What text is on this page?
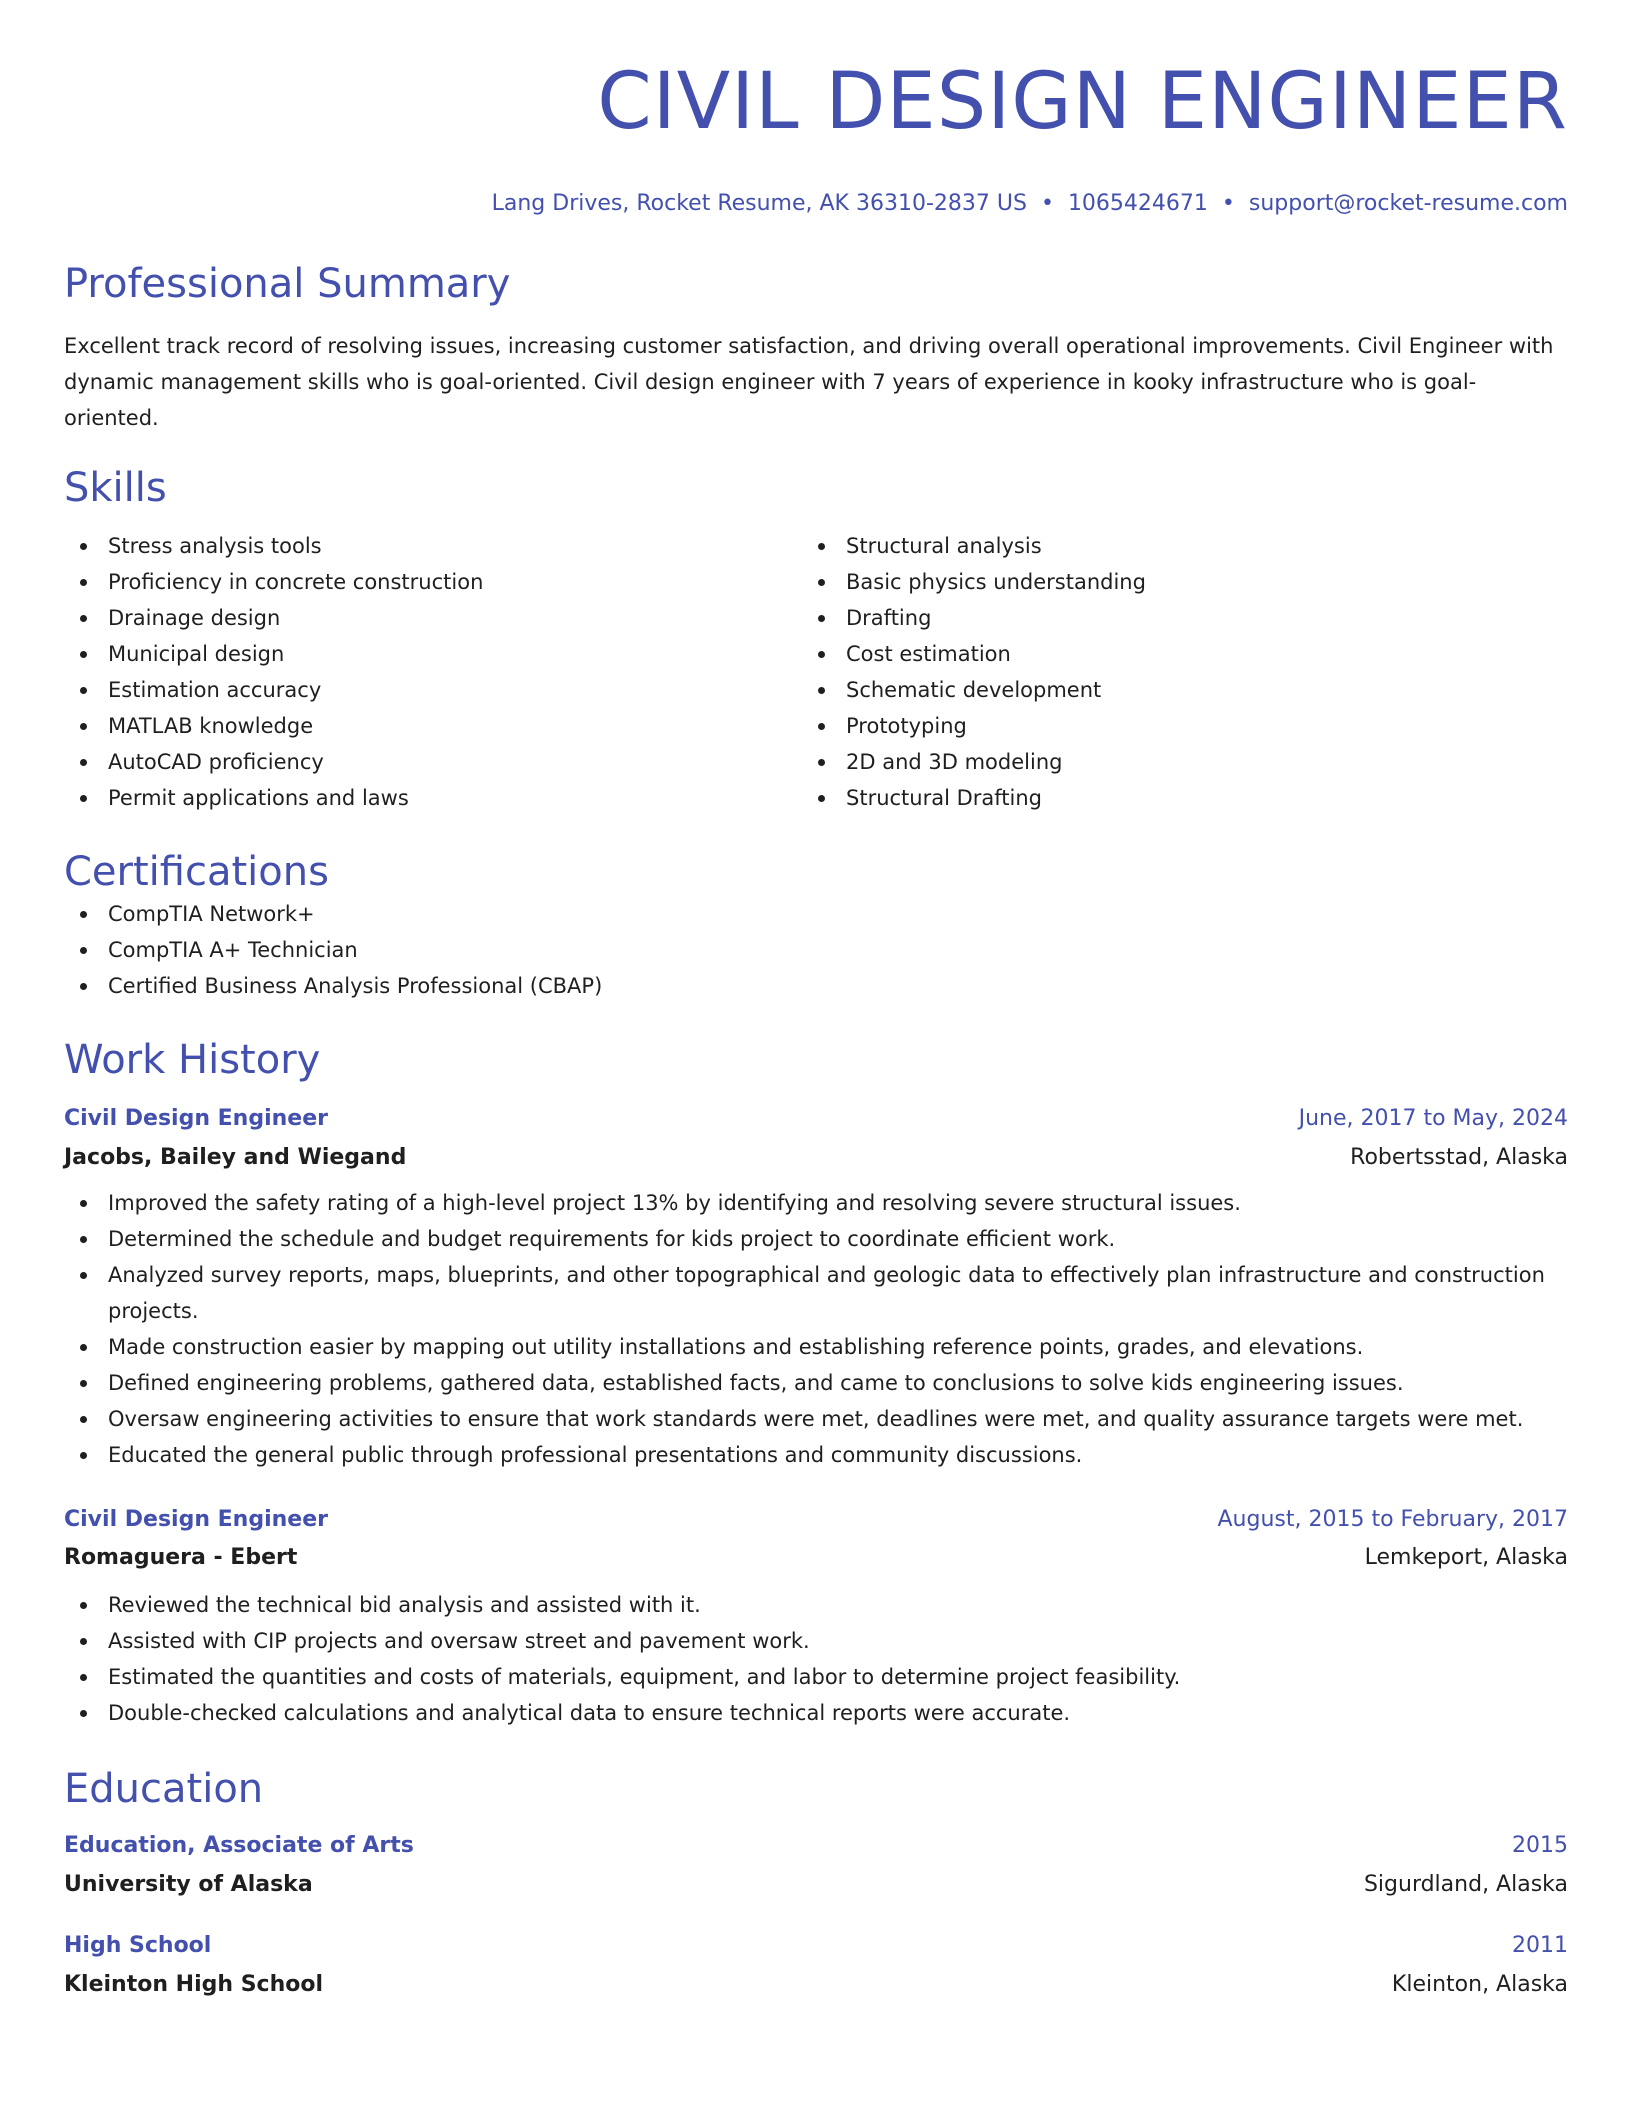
CIVIL DESIGN ENGINEER
Lang Drives, Rocket Resume, AK 36310-2837 US • 1065424671 • support@rocket-resume.com
Professional Summary
Excellent track record of resolving issues, increasing customer satisfaction, and driving overall operational improvements. Civil Engineer with dynamic management skills who is goal-oriented. Civil design engineer with 7 years of experience in kooky infrastructure who is goal-oriented.
Skills
Stress analysis tools
Proficiency in concrete construction
Drainage design
Municipal design
Estimation accuracy
MATLAB knowledge
AutoCAD proficiency
Permit applications and laws
Structural analysis
Basic physics understanding
Drafting
Cost estimation
Schematic development
Prototyping
2D and 3D modeling
Structural Drafting
Certifications
CompTIA Network+
CompTIA A+ Technician
Certified Business Analysis Professional (CBAP)
Work History
Civil Design Engineer	June, 2017 to May, 2024
Jacobs, Bailey and Wiegand	Robertsstad, Alaska
Improved the safety rating of a high-level project 13% by identifying and resolving severe structural issues.
Determined the schedule and budget requirements for kids project to coordinate efficient work.
Analyzed survey reports, maps, blueprints, and other topographical and geologic data to effectively plan infrastructure and construction projects.
Made construction easier by mapping out utility installations and establishing reference points, grades, and elevations.
Defined engineering problems, gathered data, established facts, and came to conclusions to solve kids engineering issues.
Oversaw engineering activities to ensure that work standards were met, deadlines were met, and quality assurance targets were met.
Educated the general public through professional presentations and community discussions.
Civil Design Engineer	August, 2015 to February, 2017
Romaguera - Ebert	Lemkeport, Alaska
Reviewed the technical bid analysis and assisted with it.
Assisted with CIP projects and oversaw street and pavement work.
Estimated the quantities and costs of materials, equipment, and labor to determine project feasibility.
Double-checked calculations and analytical data to ensure technical reports were accurate.
Education
Education, Associate of Arts	2015
University of Alaska	Sigurdland, Alaska
High School	2011
Kleinton High School	Kleinton, Alaska
